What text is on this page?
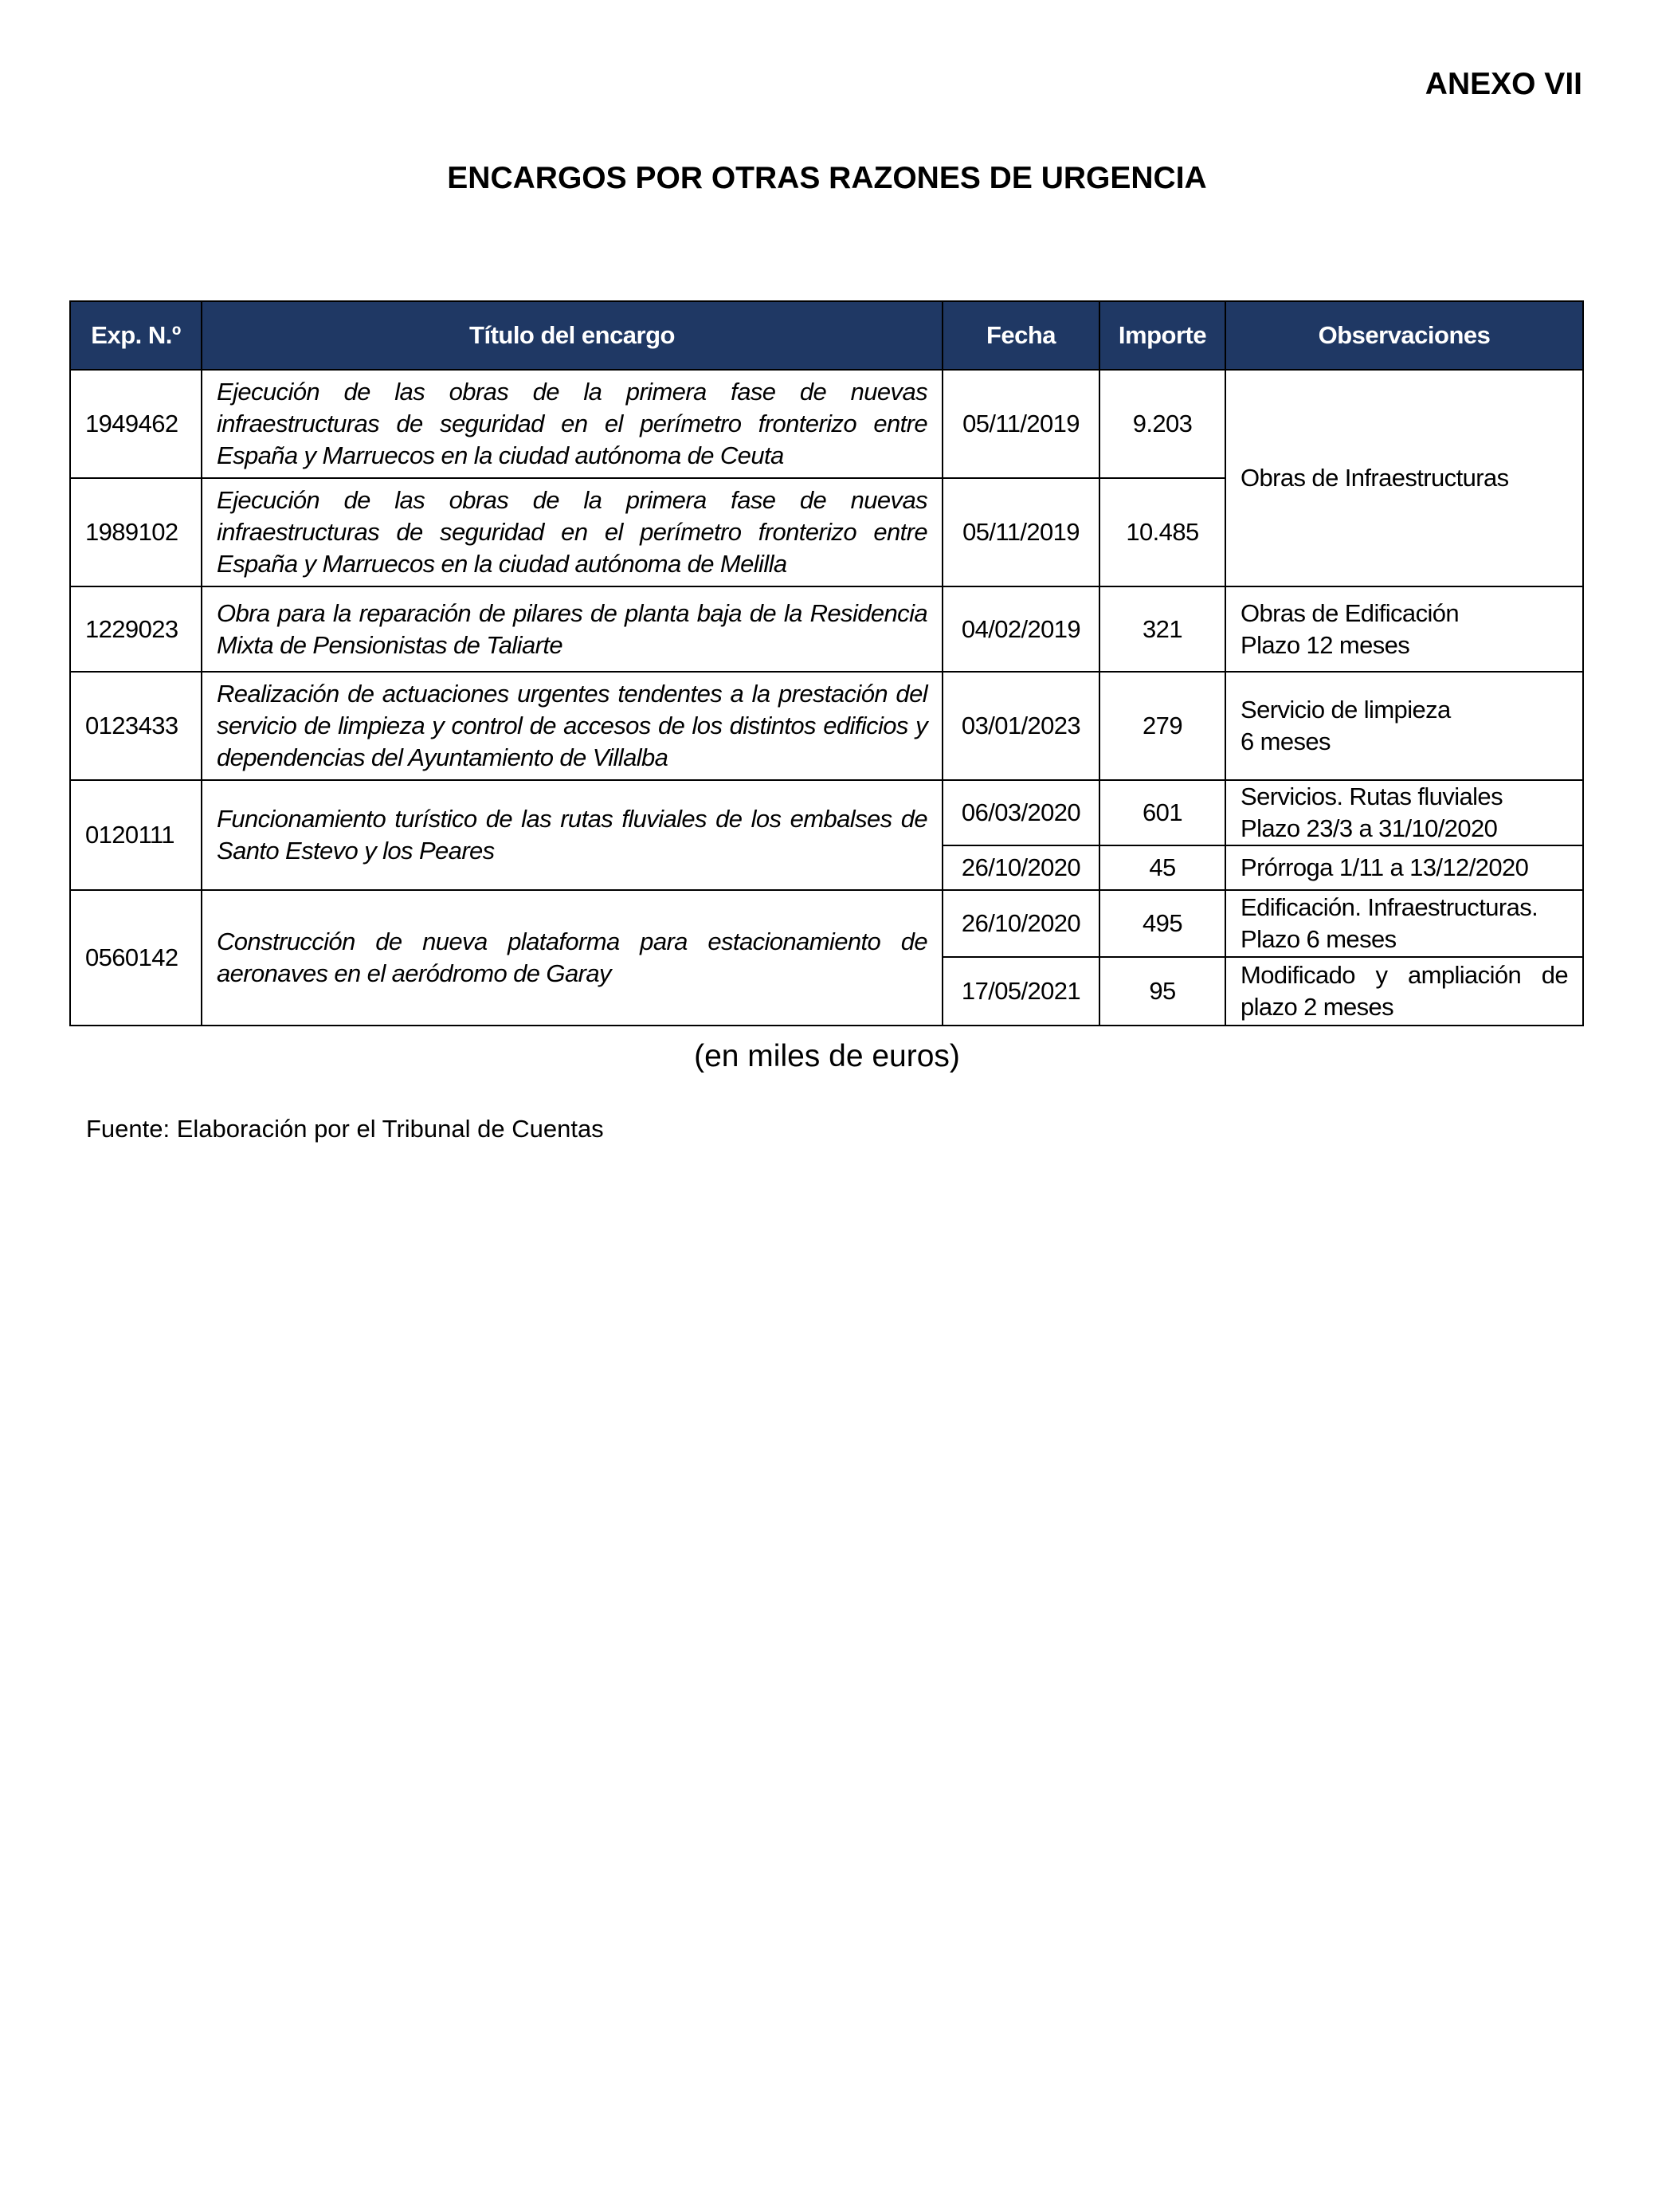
ANEXO VII
ENCARGOS POR OTRAS RAZONES DE URGENCIA
Exp. N.º	Título del encargo	Fecha	Importe	Observaciones
1949462	Ejecución de las obras de la primera fase de nuevas infraestructuras de seguridad en el perímetro fronterizo entre España y Marruecos en la ciudad autónoma de Ceuta	05/11/2019	9.203	Obras de Infraestructuras
1989102	Ejecución de las obras de la primera fase de nuevas infraestructuras de seguridad en el perímetro fronterizo entre España y Marruecos en la ciudad autónoma de Melilla	05/11/2019	10.485	
1229023	Obra para la reparación de pilares de planta baja de la Residencia Mixta de Pensionistas de Taliarte	04/02/2019	321	Obras de Edificación
Plazo 12 meses

0123433	Realización de actuaciones urgentes tendentes a la prestación del servicio de limpieza y control de accesos de los distintos edificios y dependencias del Ayuntamiento de Villalba	03/01/2023	279	Servicio de limpieza
6 meses

0120111	Funcionamiento turístico de las rutas fluviales de los embalses de Santo Estevo y los Peares	06/03/2020	601	Servicios. Rutas fluviales
Plazo 23/3 a 31/10/2020

		26/10/2020	45	Prórroga 1/11 a 13/12/2020
0560142	Construcción de nueva plataforma para estacionamiento de aeronaves en el aeródromo de Garay	26/10/2020	495	Edificación. Infraestructuras.
Plazo 6 meses

		17/05/2021	95	Modificado y ampliación de
plazo 2 meses
(en miles de euros)
Fuente: Elaboración por el Tribunal de Cuentas
